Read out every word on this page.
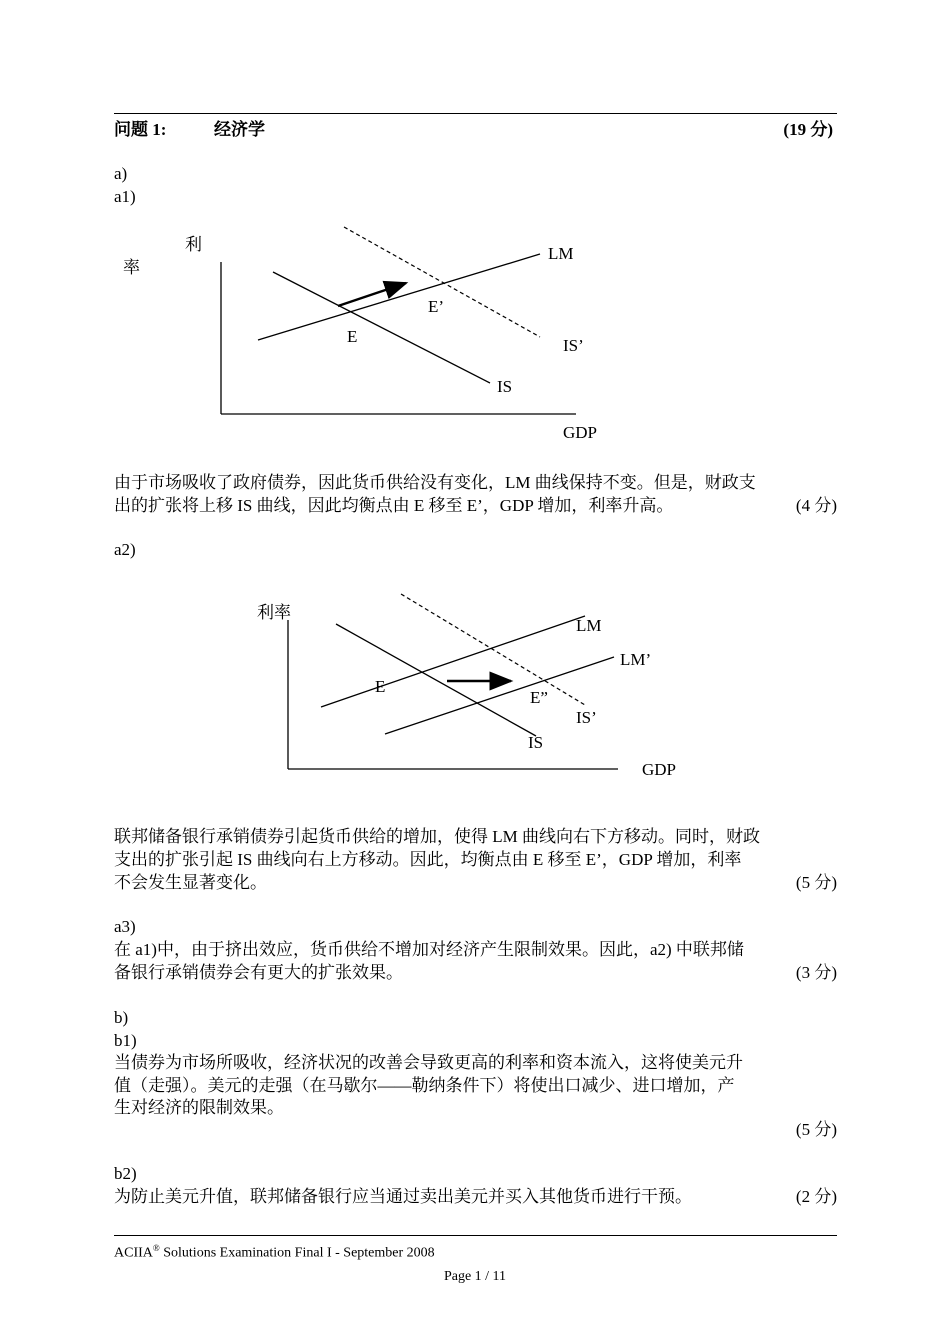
问题 1:	经济学	(19 分)
a)
a1)
利
率
LM
E’
E	IS’
IS
GDP
由于市场吸收了政府债券，因此货币供给没有变化，LM 曲线保持不变。但是，财政支
出的扩张将上移 IS 曲线，因此均衡点由 E 移至 E’，GDP 增加，利率升高。	(4 分)
a2)
利率
LM
LM’
E
E”
IS’
IS
GDP
联邦储备银行承销债券引起货币供给的增加，使得 LM 曲线向右下方移动。同时，财政
支出的扩张引起 IS 曲线向右上方移动。因此，均衡点由 E 移至 E’，GDP 增加，利率
不会发生显著变化。	(5 分)
a3)
在 a1)中，由于挤出效应，货币供给不增加对经济产生限制效果。因此，a2) 中联邦储
备银行承销债券会有更大的扩张效果。	(3 分)
b)
b1)
当债券为市场所吸收，经济状况的改善会导致更高的利率和资本流入，这将使美元升
值（走强）。美元的走强（在马歇尔——勒纳条件下）将使出口减少、进口增加，产
生对经济的限制效果。
(5 分)
b2)
为防止美元升值，联邦储备银行应当通过卖出美元并买入其他货币进行干预。	(2 分)
ACIIA® Solutions Examination Final I - September 2008
Page 1 / 11
